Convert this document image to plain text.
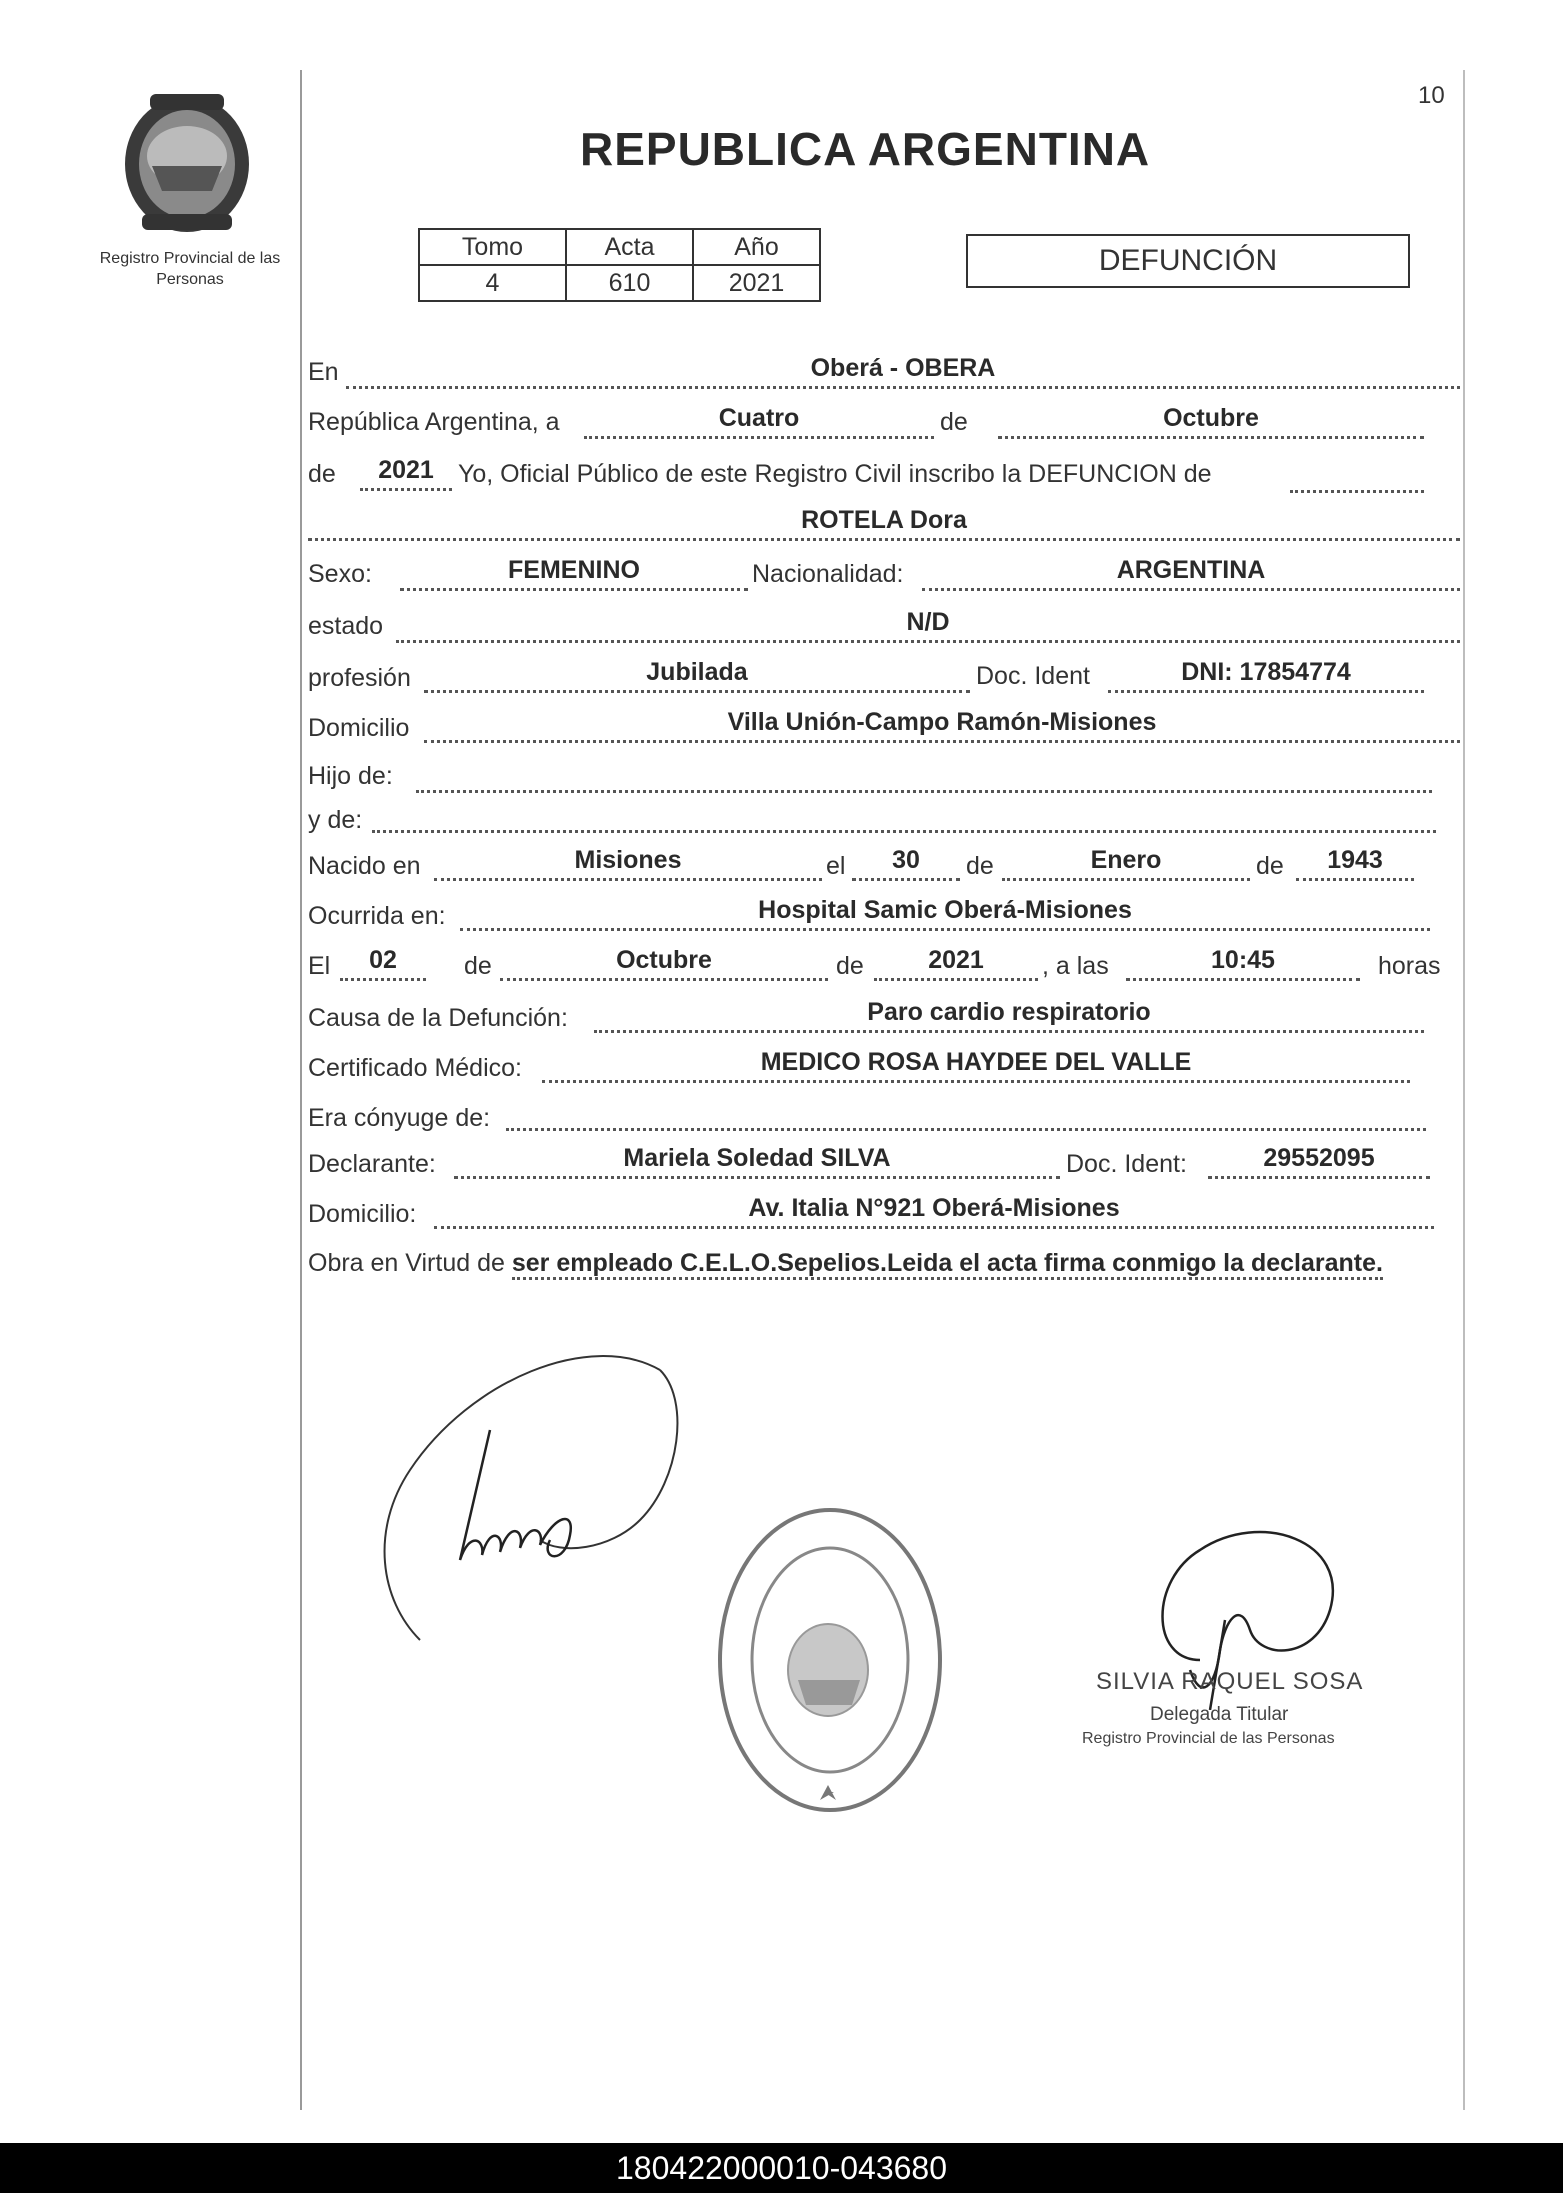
Registro Provincial de las Personas
10
REPUBLICA ARGENTINA
Tomo	Acta	Año
4	610	2021
DEFUNCIÓN
En	Oberá - OBERA
República Argentina, a	Cuatro	de	Octubre
de	2021 Yo, Oficial Público de este Registro Civil inscribo la DEFUNCION de
ROTELA Dora
Sexo:	FEMENINO	Nacionalidad:	ARGENTINA
estado	N/D
profesión	Jubilada	Doc. Ident	DNI: 17854774
Domicilio	Villa Unión-Campo Ramón-Misiones
Hijo de:
y de:
Nacido en	Misiones	el	30	de	Enero	de	1943
Ocurrida en:	Hospital Samic Oberá-Misiones
El	02	de	Octubre	de	2021	, a las	10:45	horas
Causa de la Defunción:	Paro cardio respiratorio
Certificado Médico:	MEDICO ROSA HAYDEE DEL VALLE
Era cónyuge de:
Declarante:	Mariela Soledad SILVA	Doc. Ident:	29552095
Domicilio:	Av. Italia N°921 Oberá-Misiones
Obra en Virtud de ser empleado C.E.L.O.Sepelios.Leida el acta firma conmigo la declarante.
SILVIA RAQUEL SOSA
Delegada Titular
Registro Provincial de las Personas
180422000010-043680
